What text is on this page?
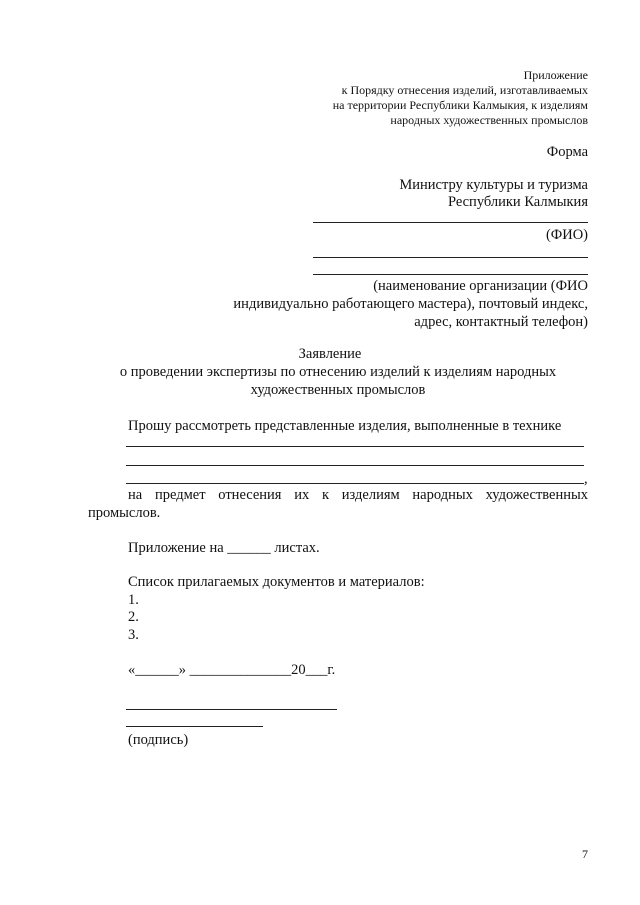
Приложение
к Порядку отнесения изделий, изготавливаемых
на территории Республики Калмыкия, к изделиям
народных художественных промыслов
Форма
Министру культуры и туризма
Республики Калмыкия
(ФИО)
(наименование организации (ФИО
индивидуально работающего мастера), почтовый индекс,
адрес, контактный телефон)
Заявление
о проведении экспертизы по отнесению изделий к изделиям народных
художественных промыслов
Прошу рассмотреть представленные изделия, выполненные в технике
,
на предмет отнесения их к изделиям народных художественных
промыслов.
Приложение на ______ листах.
Список прилагаемых документов и материалов:
1.
2.
3.
«______» ______________20___г.
(подпись)
7
